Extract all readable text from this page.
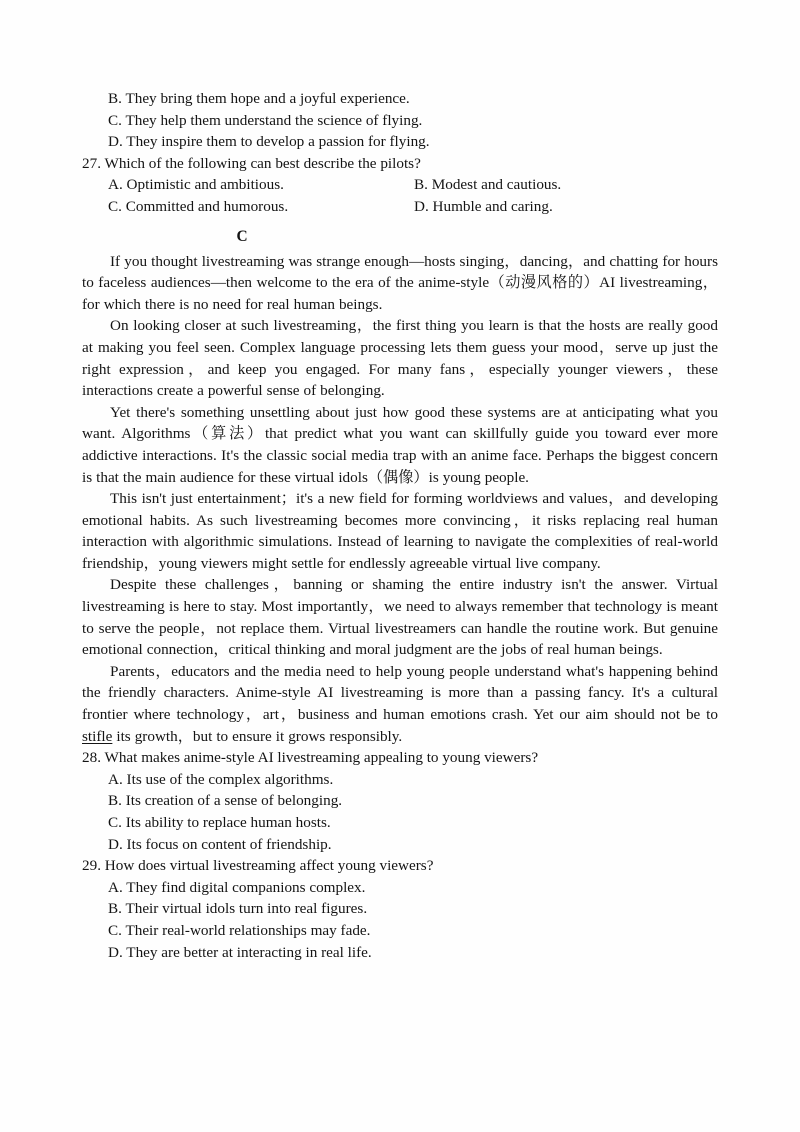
B. They bring them hope and a joyful experience.
C. They help them understand the science of flying.
D. They inspire them to develop a passion for flying.
27. Which of the following can best describe the pilots?
A. Optimistic and ambitious.	B. Modest and cautious.
C. Committed and humorous.	D. Humble and caring.
C

If you thought livestreaming was strange enough—hosts singing，dancing，and chatting for hours to faceless audiences—then welcome to the era of the anime-style（动漫风格的）AI livestreaming，for which there is no need for real human beings.

On looking closer at such livestreaming，the first thing you learn is that the hosts are really good at making you feel seen. Complex language processing lets them guess your mood，serve up just the right expression，and keep you engaged. For many fans，especially younger viewers，these interactions create a powerful sense of belonging.

Yet there's something unsettling about just how good these systems are at anticipating what you want. Algorithms（算法）that predict what you want can skillfully guide you toward ever more addictive interactions. It's the classic social media trap with an anime face. Perhaps the biggest concern is that the main audience for these virtual idols（偶像）is young people.

This isn't just entertainment；it's a new field for forming worldviews and values，and developing emotional habits. As such livestreaming becomes more convincing，it risks replacing real human interaction with algorithmic simulations. Instead of learning to navigate the complexities of real-world friendship，young viewers might settle for endlessly agreeable virtual live company.

Despite these challenges，banning or shaming the entire industry isn't the answer. Virtual livestreaming is here to stay. Most importantly，we need to always remember that technology is meant to serve the people，not replace them. Virtual livestreamers can handle the routine work. But genuine emotional connection，critical thinking and moral judgment are the jobs of real human beings.

Parents，educators and the media need to help young people understand what's happening behind the friendly characters. Anime-style AI livestreaming is more than a passing fancy. It's a cultural frontier where technology，art，business and human emotions crash. Yet our aim should not be to stifle its growth，but to ensure it grows responsibly.

28. What makes anime-style AI livestreaming appealing to young viewers?
A. Its use of the complex algorithms.
B. Its creation of a sense of belonging.
C. Its ability to replace human hosts.
D. Its focus on content of friendship.
29. How does virtual livestreaming affect young viewers?
A. They find digital companions complex.
B. Their virtual idols turn into real figures.
C. Their real-world relationships may fade.
D. They are better at interacting in real life.
